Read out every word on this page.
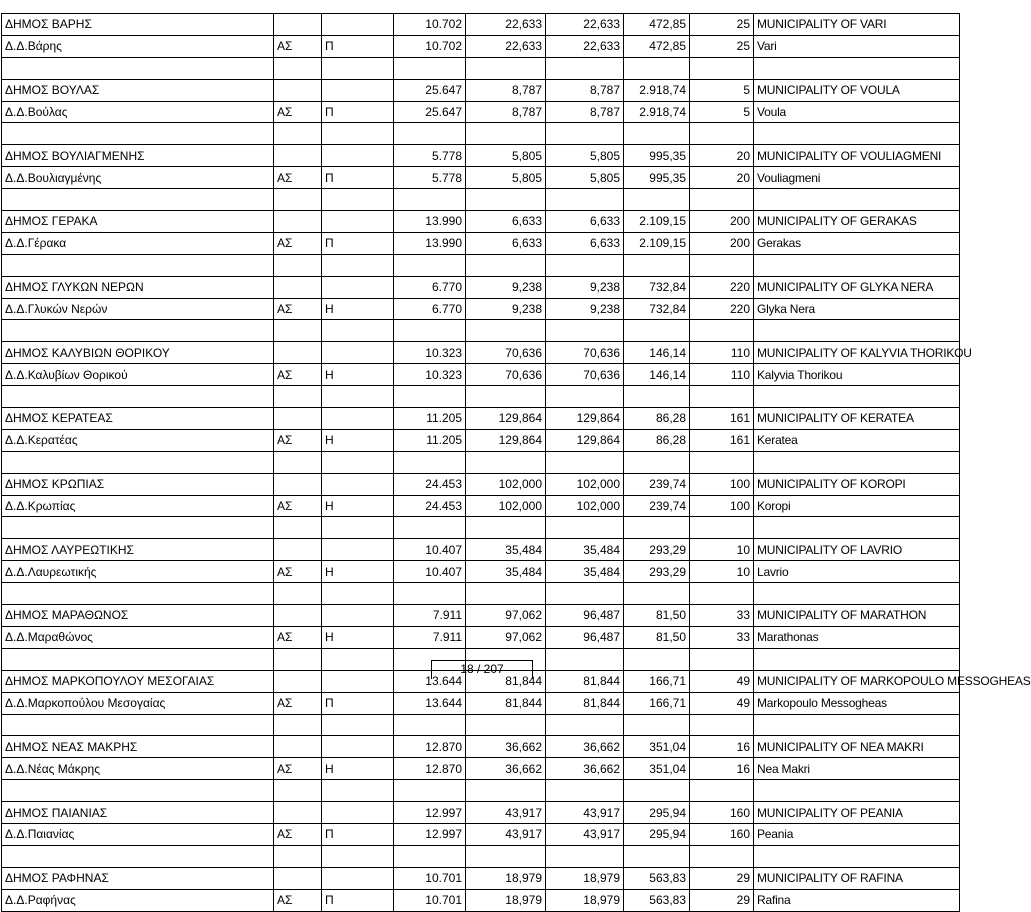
ΔΗΜΟΣ ΒΑΡΗΣ			10.702	22,633	22,633	472,85	25	MUNICIPALITY OF VARI
Δ.Δ.Βάρης	ΑΣ	Π	10.702	22,633	22,633	472,85	25	Vari

ΔΗΜΟΣ ΒΟΥΛΑΣ			25.647	8,787	8,787	2.918,74	5	MUNICIPALITY OF VOULA
Δ.Δ.Βούλας	ΑΣ	Π	25.647	8,787	8,787	2.918,74	5	Voula

ΔΗΜΟΣ ΒΟΥΛΙΑΓΜΕΝΗΣ			5.778	5,805	5,805	995,35	20	MUNICIPALITY OF VOULIAGMENI
Δ.Δ.Βουλιαγμένης	ΑΣ	Π	5.778	5,805	5,805	995,35	20	Vouliagmeni

ΔΗΜΟΣ ΓΕΡΑΚΑ			13.990	6,633	6,633	2.109,15	200	MUNICIPALITY OF GERAKAS
Δ.Δ.Γέρακα	ΑΣ	Π	13.990	6,633	6,633	2.109,15	200	Gerakas

ΔΗΜΟΣ ΓΛΥΚΩΝ ΝΕΡΩΝ			6.770	9,238	9,238	732,84	220	MUNICIPALITY OF GLYKA NERA
Δ.Δ.Γλυκών Νερών	ΑΣ	Η	6.770	9,238	9,238	732,84	220	Glyka Nera

ΔΗΜΟΣ ΚΑΛΥΒΙΩΝ ΘΟΡΙΚΟΥ			10.323	70,636	70,636	146,14	110	MUNICIPALITY OF KALYVIA THORIKOU
Δ.Δ.Καλυβίων Θορικού	ΑΣ	Η	10.323	70,636	70,636	146,14	110	Kalyvia Thorikou

ΔΗΜΟΣ ΚΕΡΑΤΕΑΣ			11.205	129,864	129,864	86,28	161	MUNICIPALITY OF KERATEA
Δ.Δ.Κερατέας	ΑΣ	Η	11.205	129,864	129,864	86,28	161	Keratea

ΔΗΜΟΣ ΚΡΩΠΙΑΣ			24.453	102,000	102,000	239,74	100	MUNICIPALITY OF KOROPI
Δ.Δ.Κρωπίας	ΑΣ	Η	24.453	102,000	102,000	239,74	100	Koropi

ΔΗΜΟΣ ΛΑΥΡΕΩΤΙΚΗΣ			10.407	35,484	35,484	293,29	10	MUNICIPALITY OF LAVRIO
Δ.Δ.Λαυρεωτικής	ΑΣ	Η	10.407	35,484	35,484	293,29	10	Lavrio

ΔΗΜΟΣ ΜΑΡΑΘΩΝΟΣ			7.911	97,062	96,487	81,50	33	MUNICIPALITY OF MARATHON
Δ.Δ.Μαραθώνος	ΑΣ	Η	7.911	97,062	96,487	81,50	33	Marathonas

ΔΗΜΟΣ ΜΑΡΚΟΠΟΥΛΟΥ ΜΕΣΟΓΑΙΑΣ			13.644	81,844	81,844	166,71	49	MUNICIPALITY OF MARKOPOULO MESSOGHEAS
Δ.Δ.Μαρκοπούλου Μεσογαίας	ΑΣ	Π	13.644	81,844	81,844	166,71	49	Markopoulo Messogheas

ΔΗΜΟΣ ΝΕΑΣ ΜΑΚΡΗΣ			12.870	36,662	36,662	351,04	16	MUNICIPALITY OF NEA MAKRI
Δ.Δ.Νέας Μάκρης	ΑΣ	Η	12.870	36,662	36,662	351,04	16	Nea Makri

ΔΗΜΟΣ ΠΑΙΑΝΙΑΣ			12.997	43,917	43,917	295,94	160	MUNICIPALITY OF PEANIA
Δ.Δ.Παιανίας	ΑΣ	Π	12.997	43,917	43,917	295,94	160	Peania

ΔΗΜΟΣ ΡΑΦΗΝΑΣ			10.701	18,979	18,979	563,83	29	MUNICIPALITY OF RAFINA
Δ.Δ.Ραφήνας	ΑΣ	Π	10.701	18,979	18,979	563,83	29	Rafina
18 / 207
